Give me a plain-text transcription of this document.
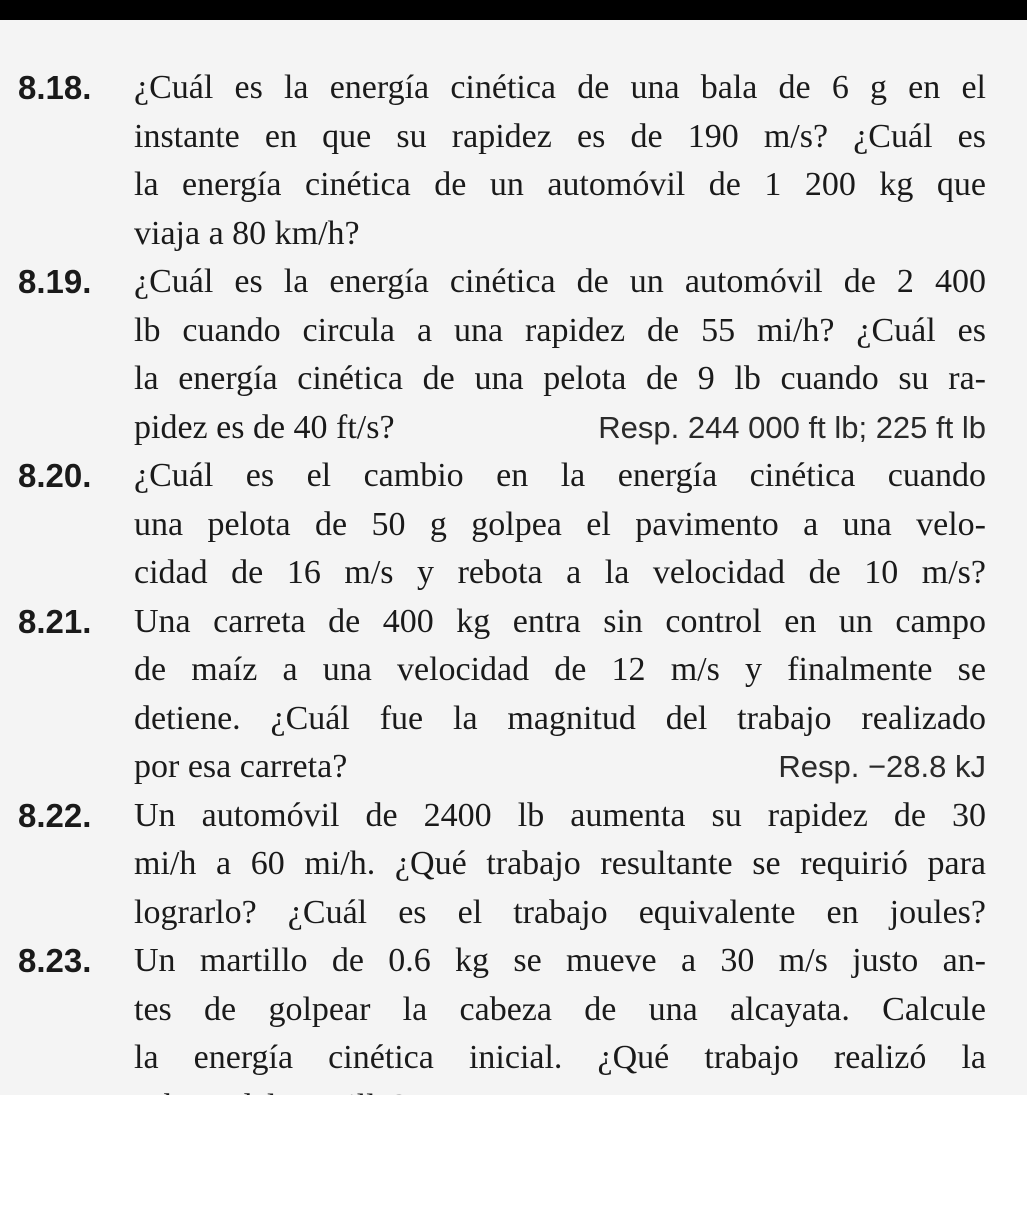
8.18. ¿Cuál es la energía cinética de una bala de 6 g en el
instante en que su rapidez es de 190 m/s? ¿Cuál es
la energía cinética de un automóvil de 1 200 kg que
viaja a 80 km/h?
8.19. ¿Cuál es la energía cinética de un automóvil de 2 400
lb cuando circula a una rapidez de 55 mi/h? ¿Cuál es
la energía cinética de una pelota de 9 lb cuando su ra-
pidez es de 40 ft/s?	Resp. 244 000 ft lb; 225 ft lb
8.20. ¿Cuál es el cambio en la energía cinética cuando
una pelota de 50 g golpea el pavimento a una velo-
cidad de 16 m/s y rebota a la velocidad de 10 m/s?
8.21. Una carreta de 400 kg entra sin control en un campo
de maíz a una velocidad de 12 m/s y finalmente se
detiene. ¿Cuál fue la magnitud del trabajo realizado
por esa carreta?	Resp. −28.8 kJ
8.22. Un automóvil de 2400 lb aumenta su rapidez de 30
mi/h a 60 mi/h. ¿Qué trabajo resultante se requirió para
lograrlo? ¿Cuál es el trabajo equivalente en joules?
8.23. Un martillo de 0.6 kg se mueve a 30 m/s justo an-
tes de golpear la cabeza de una alcayata. Calcule
la energía cinética inicial. ¿Qué trabajo realizó la
